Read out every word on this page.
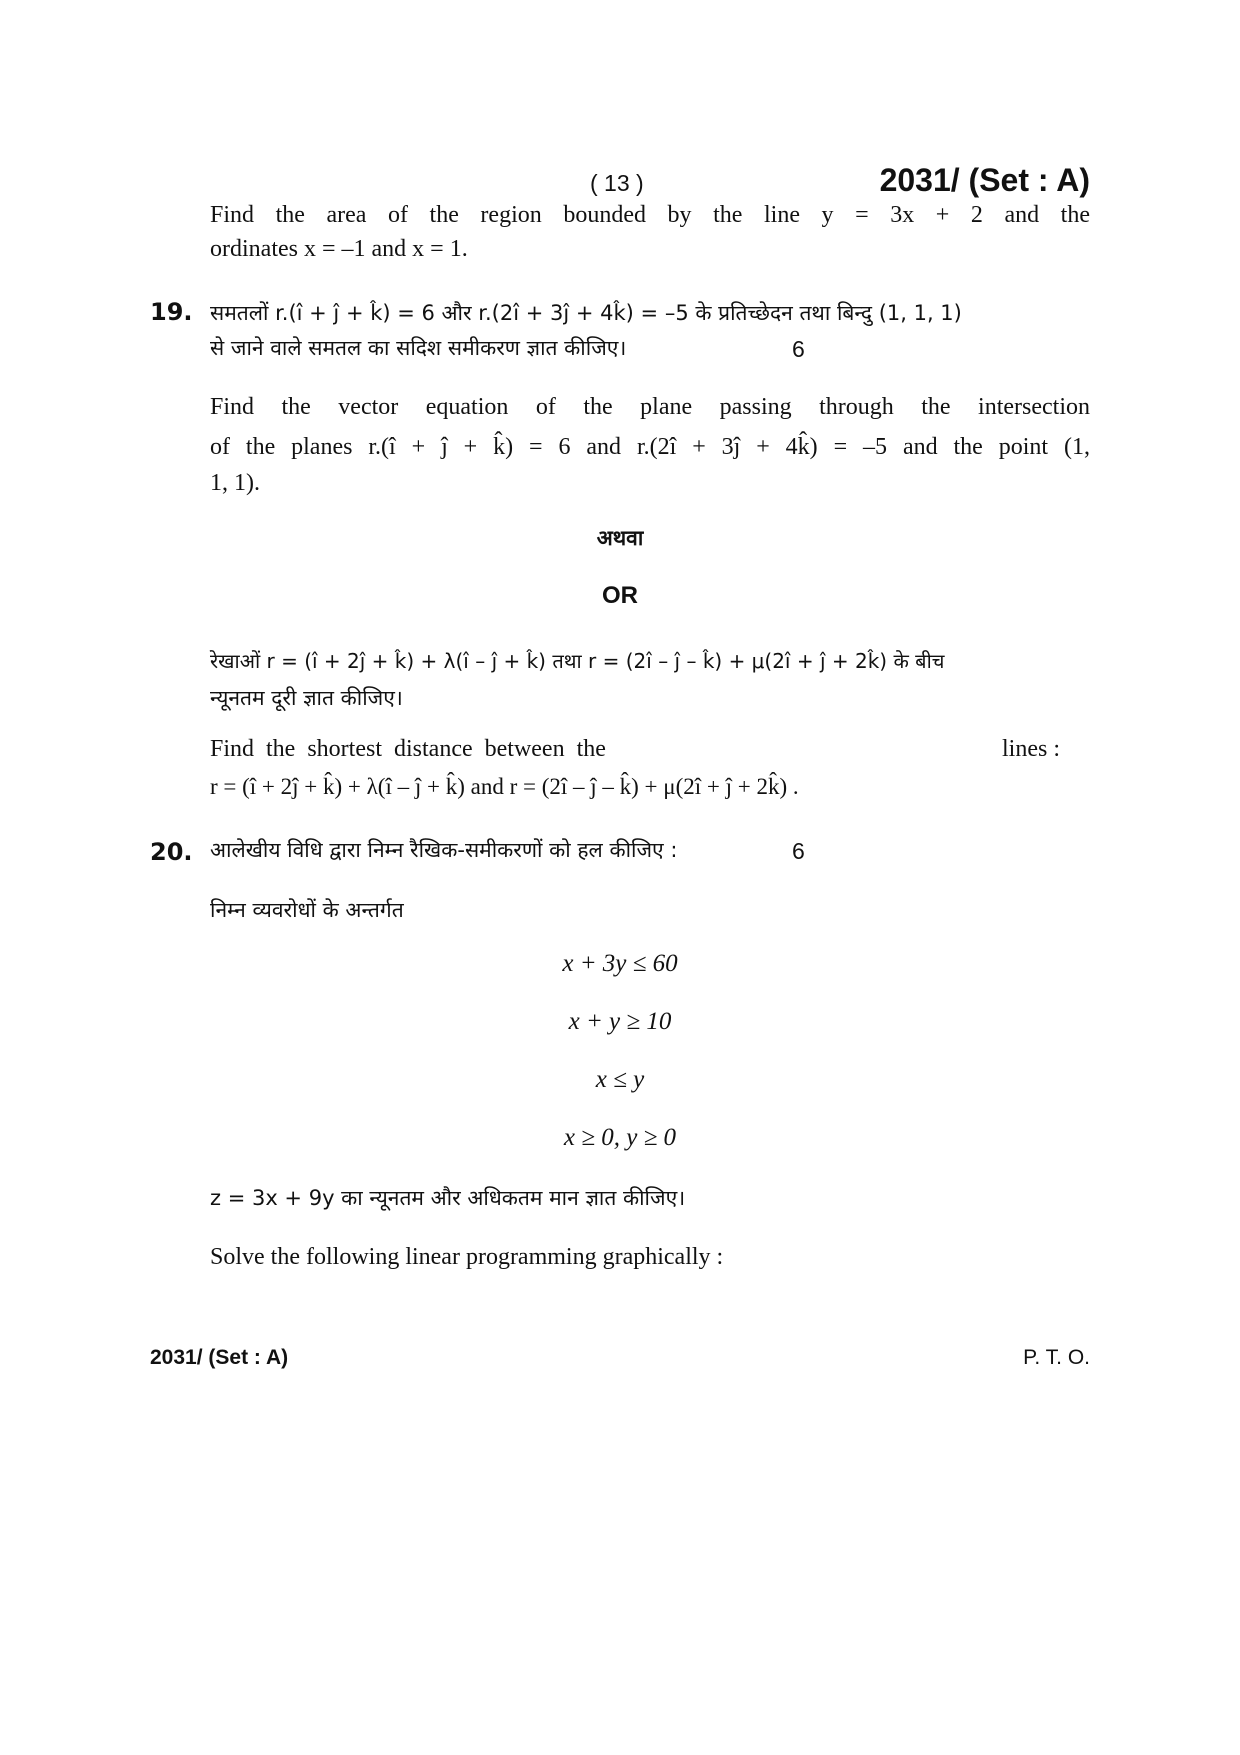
( 13 )	2031/ (Set : A)
Find the area of the region bounded by the line y = 3x + 2 and the
ordinates x = –1 and x = 1.
19. समतलों r.(î + ĵ + k̂) = 6 और r.(2î + 3ĵ + 4k̂) = –5 के प्रतिच्छेदन तथा बिन्दु (1, 1, 1)
से जाने वाले समतल का सदिश समीकरण ज्ञात कीजिए।	6
Find the vector equation of the plane passing through the intersection
of the planes r.(î + ĵ + k̂) = 6 and r.(2î + 3ĵ + 4k̂) = –5 and the point (1,
1, 1).
अथवा
OR
रेखाओं r = (î + 2ĵ + k̂) + λ(î – ĵ + k̂) तथा r = (2î – ĵ – k̂) + μ(2î + ĵ + 2k̂) के बीच
न्यूनतम दूरी ज्ञात कीजिए।
Find the shortest distance between the	lines :
r = (î + 2ĵ + k̂) + λ(î – ĵ + k̂) and r = (2î – ĵ – k̂) + μ(2î + ĵ + 2k̂) .
20. आलेखीय विधि द्वारा निम्न रैखिक-समीकरणों को हल कीजिए :	6
निम्न व्यवरोधों के अन्तर्गत
x + 3y ≤ 60
x + y ≥ 10
x ≤ y
x ≥ 0, y ≥ 0
z = 3x + 9y का न्यूनतम और अधिकतम मान ज्ञात कीजिए।
Solve the following linear programming graphically :
2031/ (Set : A)	P. T. O.
